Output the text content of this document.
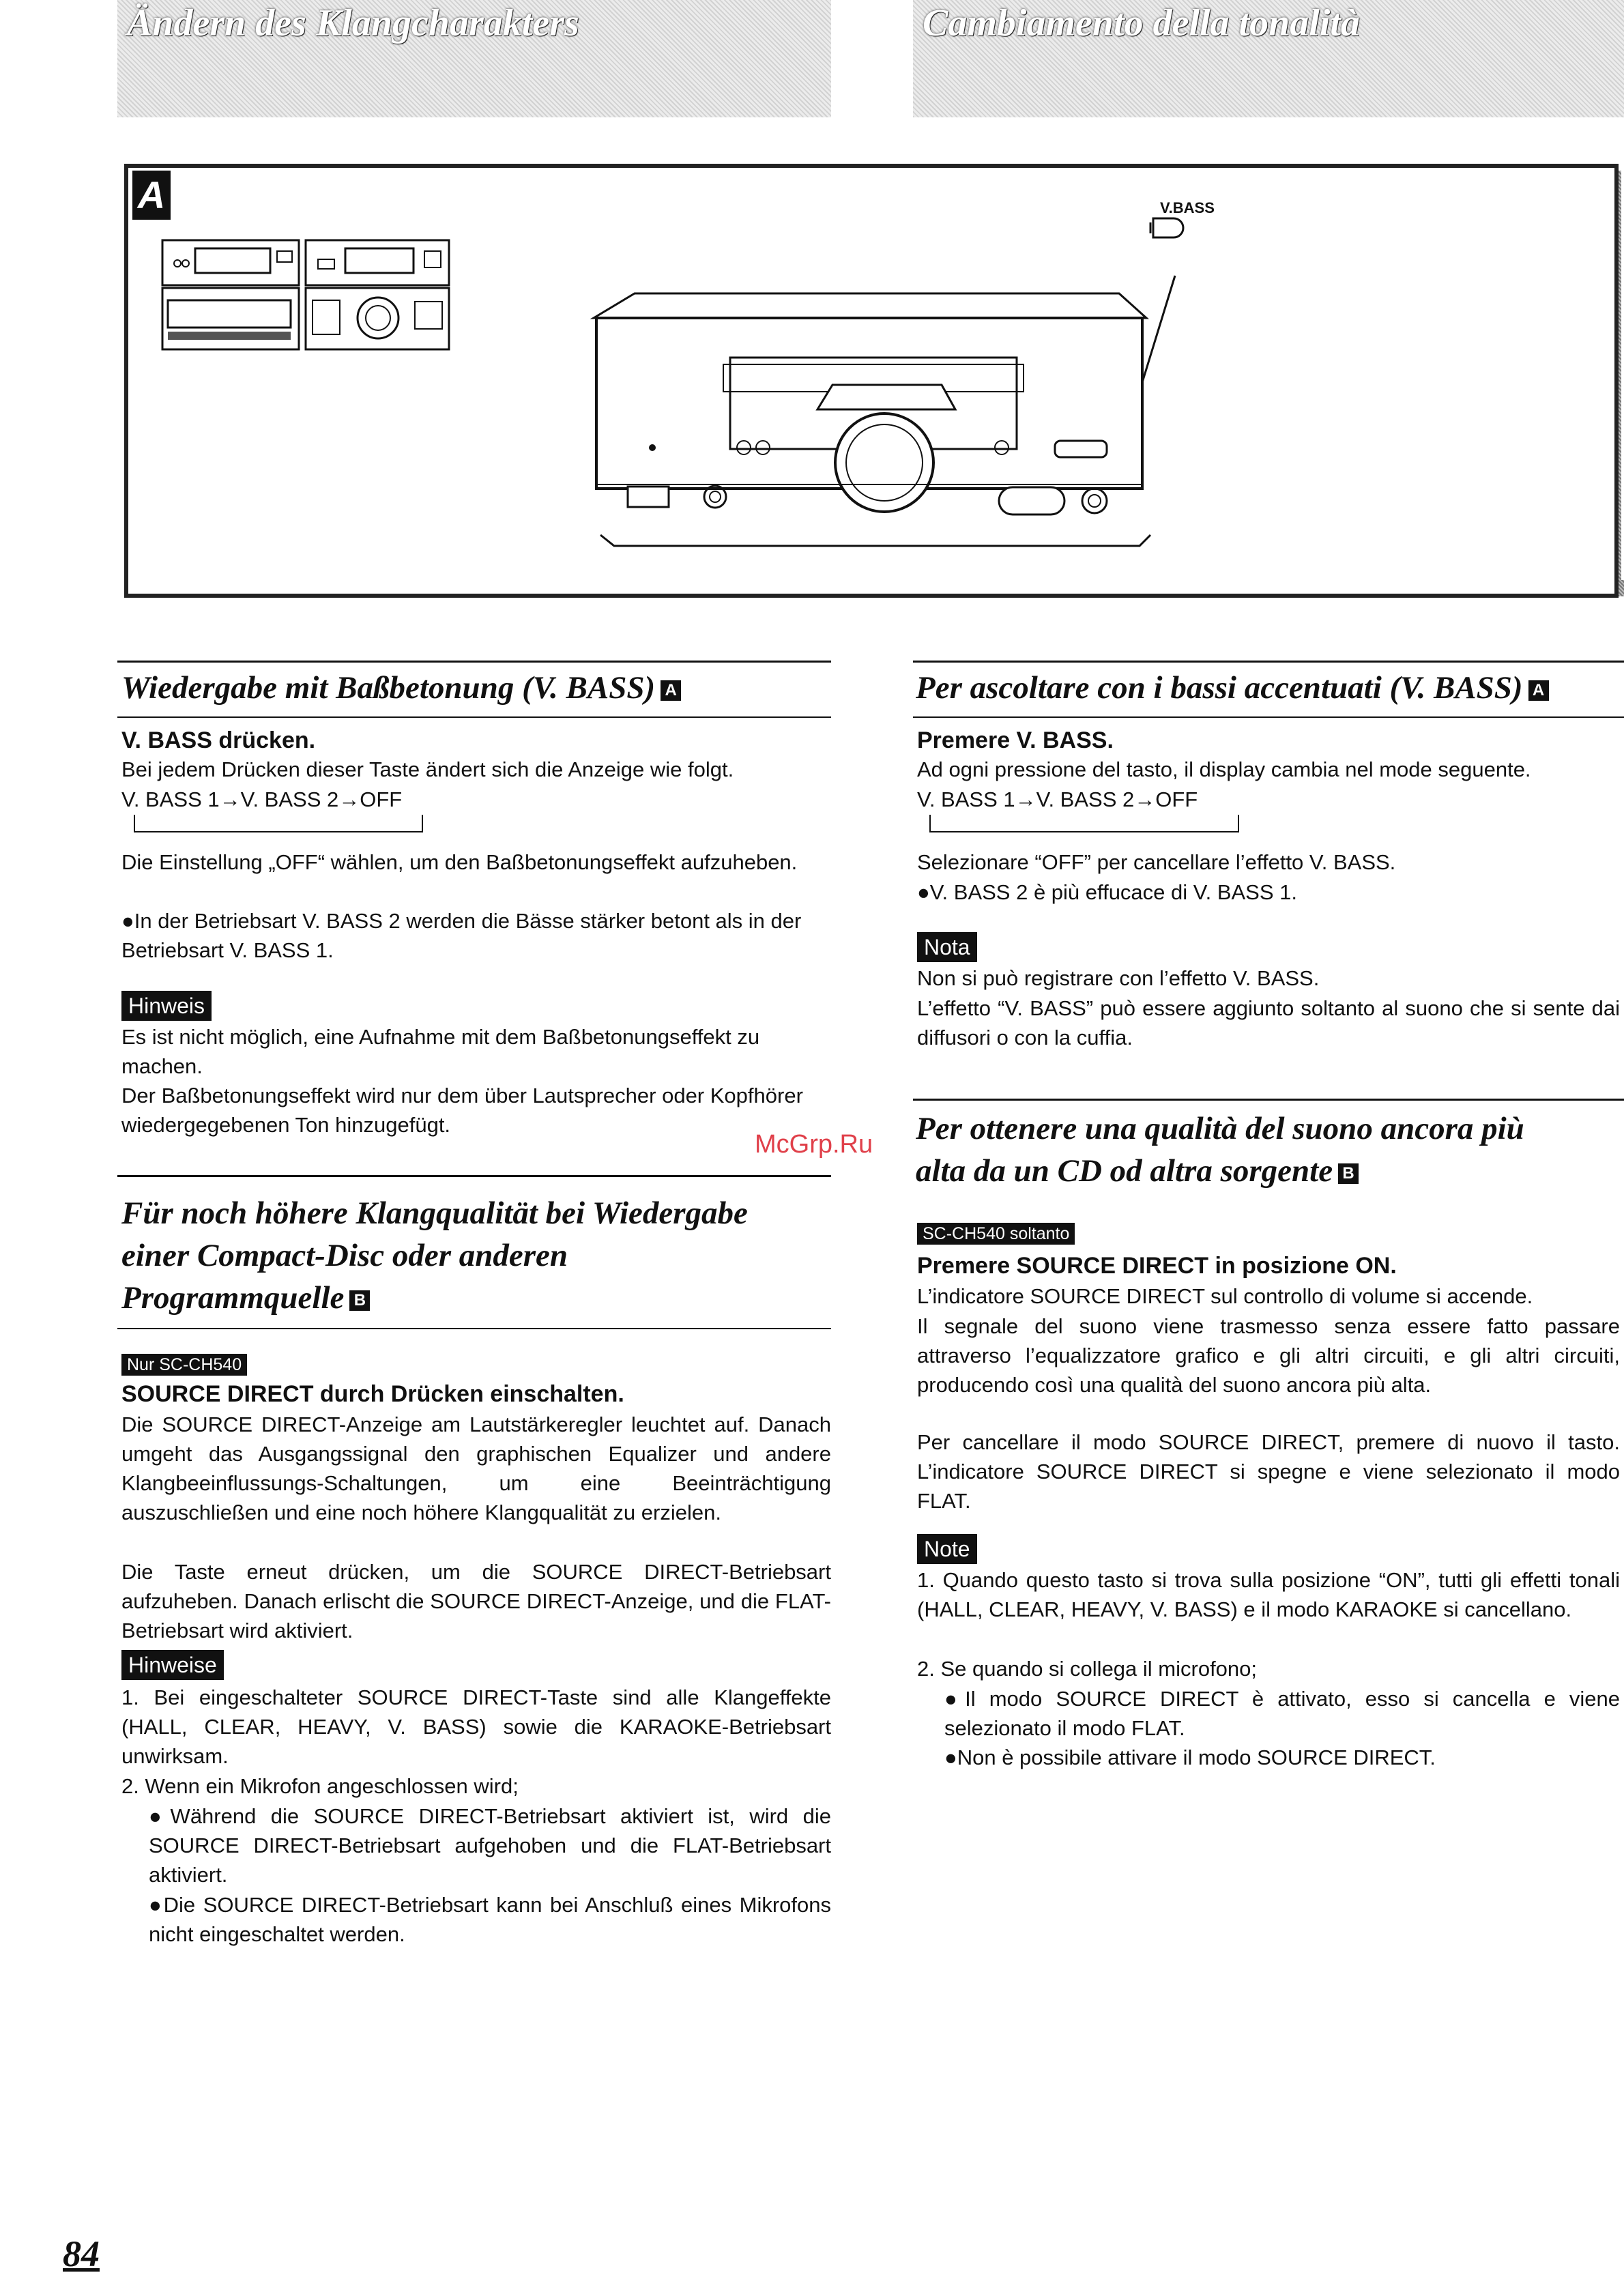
Ändern des Klangcharakters	Cambiamento della tonalità
A	V.BASS
Wiedergabe mit Baßbetonung (V. BASS) A
V. BASS drücken.
Bei jedem Drücken dieser Taste ändert sich die Anzeige wie folgt.
V. BASS 1→V. BASS 2→OFF
Die Einstellung „OFF“ wählen, um den Baßbetonungseffekt aufzuheben.
●In der Betriebsart V. BASS 2 werden die Bässe stärker betont als in der Betriebsart V. BASS 1.
Hinweis
Es ist nicht möglich, eine Aufnahme mit dem Baßbetonungseffekt zu machen.
Der Baßbetonungseffekt wird nur dem über Lautsprecher oder Kopfhörer wiedergegebenen Ton hinzugefügt.
McGrp.Ru
Für noch höhere Klangqualität bei Wiedergabe
einer Compact-Disc oder anderen
Programmquelle B
Nur SC-CH540
SOURCE DIRECT durch Drücken einschalten.
Die SOURCE DIRECT-Anzeige am Lautstärkeregler leuchtet auf. Danach umgeht das Ausgangssignal den graphischen Equalizer und andere Klangbeeinflussungs-Schaltungen, um eine Beeinträchtigung auszuschließen und eine noch höhere Klangqualität zu erzielen.
Die Taste erneut drücken, um die SOURCE DIRECT-Betriebsart aufzuheben. Danach erlischt die SOURCE DIRECT-Anzeige, und die FLAT-Betriebsart wird aktiviert.
Hinweise
1. Bei eingeschalteter SOURCE DIRECT-Taste sind alle Klangeffekte (HALL, CLEAR, HEAVY, V. BASS) sowie die KARAOKE-Betriebsart unwirksam.
2. Wenn ein Mikrofon angeschlossen wird;
●Während die SOURCE DIRECT-Betriebsart aktiviert ist, wird die SOURCE DIRECT-Betriebsart aufgehoben und die FLAT-Betriebsart aktiviert.
●Die SOURCE DIRECT-Betriebsart kann bei Anschluß eines Mikrofons nicht eingeschaltet werden.
Per ascoltare con i bassi accentuati (V. BASS) A
Premere V. BASS.
Ad ogni pressione del tasto, il display cambia nel mode seguente.
V. BASS 1→V. BASS 2→OFF
Selezionare “OFF” per cancellare l’effetto V. BASS.
●V. BASS 2 è più effucace di V. BASS 1.
Nota
Non si può registrare con l’effetto V. BASS.
L’effetto “V. BASS” può essere aggiunto soltanto al suono che si sente dai diffusori o con la cuffia.
Per ottenere una qualità del suono ancora più
alta da un CD od altra sorgente B
SC-CH540 soltanto
Premere SOURCE DIRECT in posizione ON.
L’indicatore SOURCE DIRECT sul controllo di volume si accende.
Il segnale del suono viene trasmesso senza essere fatto passare attraverso l’equalizzatore grafico e gli altri circuiti, e gli altri circuiti, producendo così una qualità del suono ancora più alta.
Per cancellare il modo SOURCE DIRECT, premere di nuovo il tasto. L’indicatore SOURCE DIRECT si spegne e viene selezionato il modo FLAT.
Note
1. Quando questo tasto si trova sulla posizione “ON”, tutti gli effetti tonali (HALL, CLEAR, HEAVY, V. BASS) e il modo KARAOKE si cancellano.
2. Se quando si collega il microfono;
●Il modo SOURCE DIRECT è attivato, esso si cancella e viene selezionato il modo FLAT.
●Non è possibile attivare il modo SOURCE DIRECT.
84
